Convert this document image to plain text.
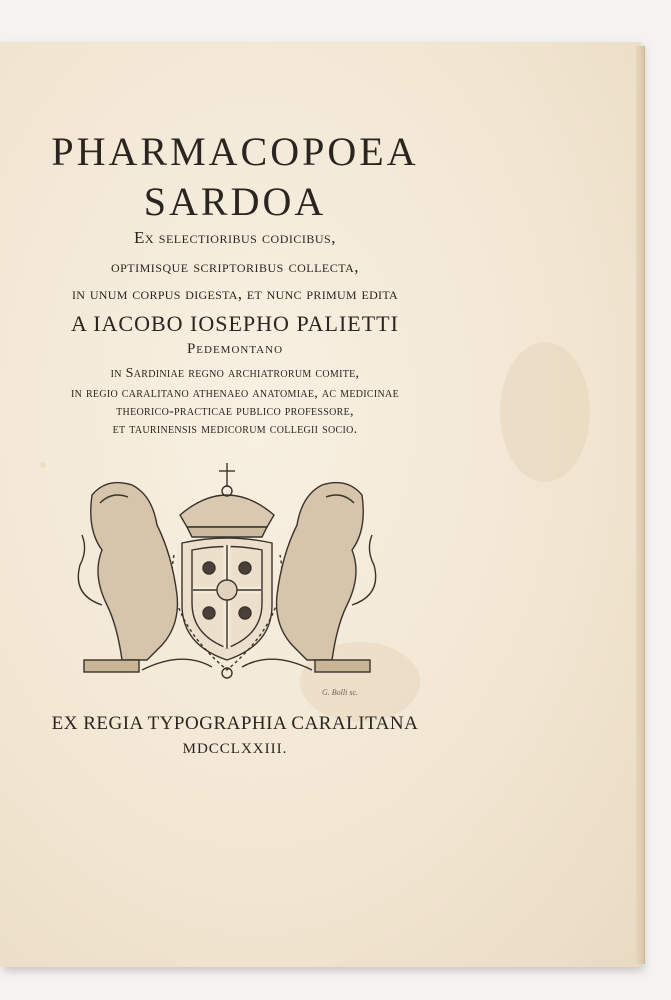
PHARMACOPOEA
SARDOA
Ex selectioribus codicibus,
optimisque scriptoribus collecta,
in unum corpus digesta, et nunc primum edita
A IACOBO IOSEPHO PALIETTI
Pedemontano
in Sardiniae regno archiatrorum comite,
in regio caralitano athenaeo anatomiae, ac medicinae
theorico-practicae publico professore,
et taurinensis medicorum collegii socio.
G. Bolli sc.
EX REGIA TYPOGRAPHIA CARALITANA
MDCCLXXIII.
